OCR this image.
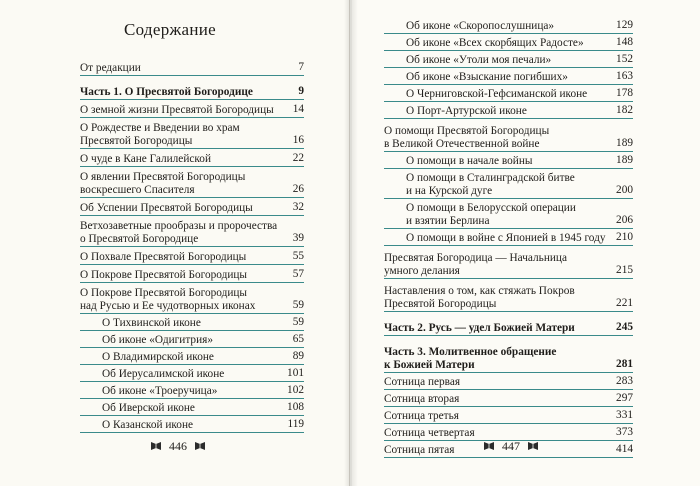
Содержание
От редакции	7
Часть 1. О Пресвятой Богородице	9
О земной жизни Пресвятой Богородицы 14
О Рождестве и Введении во храм
Пресвятой Богородицы	16
О чуде в Кане Галилейской	22
О явлении Пресвятой Богородицы
воскресшего Спасителя	26
Об Успении Пресвятой Богородицы	32
Ветхозаветные прообразы и пророчества
о Пресвятой Богородице	39
О Похвале Пресвятой Богородицы	55
О Покрове Пресвятой Богородицы	57
О Покрове Пресвятой Богородицы
над Русью и Ее чудотворных иконах	59
О Тихвинской иконе	59
Об иконе «Одигитрия»	65
О Владимирской иконе	89
Об Иерусалимской иконе	101
Об иконе «Троеручица»	102
Об Иверской иконе	108
О Казанской иконе	119
446
Об иконе «Скоропослушница»	129
Об иконе «Всех скорбящих Радосте»	148
Об иконе «Утоли моя печали»	152
Об иконе «Взыскание погибших»	163
О Черниговской-Гефсиманской иконе	178
О Порт-Артурской иконе	182
О помощи Пресвятой Богородицы
в Великой Отечественной войне	189
О помощи в начале войны	189
О помощи в Сталинградской битве
и на Курской дуге	200
О помощи в Белорусской операции
и взятии Берлина	206
О помощи в войне с Японией в 1945 году 210
Пресвятая Богородица — Начальница
умного делания	215
Наставления о том, как стяжать Покров
Пресвятой Богородицы	221
Часть 2. Русь — удел Божией Матери	245
Часть 3. Молитвенное обращение
к Божией Матери	281
Сотница первая	283
Сотница вторая	297
Сотница третья	331
Сотница четвертая	373
Сотница пятая	414
447
